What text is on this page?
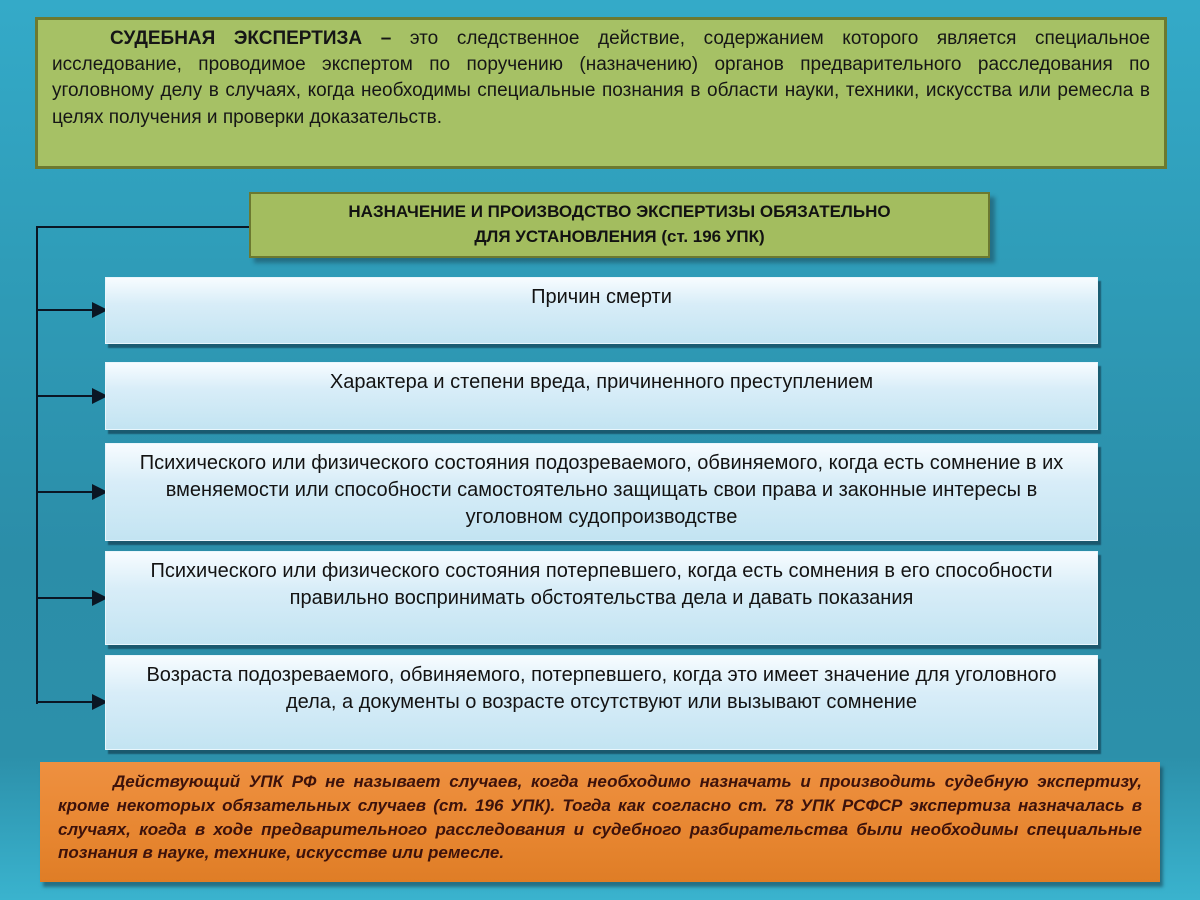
СУДЕБНАЯ ЭКСПЕРТИЗА – это следственное действие, содержанием которого является специальное исследование, проводимое экспертом по поручению (назначению) органов предварительного расследования по уголовному делу в случаях, когда необходимы специальные познания в области науки, техники, искусства или ремесла в целях получения и проверки доказательств.

НАЗНАЧЕНИЕ И ПРОИЗВОДСТВО ЭКСПЕРТИЗЫ ОБЯЗАТЕЛЬНО
ДЛЯ УСТАНОВЛЕНИЯ (ст. 196 УПК)
Причин смерти
Характера и степени вреда, причиненного преступлением
Психического или физического состояния подозреваемого, обвиняемого, когда есть сомнение в их вменяемости или способности самостоятельно защищать свои права и законные интересы в уголовном судопроизводстве
Психического или физического состояния потерпевшего, когда есть сомнения в его способности правильно воспринимать обстоятельства дела и давать показания
Возраста подозреваемого, обвиняемого, потерпевшего, когда это имеет значение для уголовного дела, а документы о возрасте отсутствуют или вызывают сомнение

Действующий УПК РФ не называет случаев, когда необходимо назначать и производить судебную экспертизу, кроме некоторых обязательных случаев (ст. 196 УПК). Тогда как согласно ст. 78 УПК РСФСР экспертиза назначалась в случаях, когда в ходе предварительного расследования и судебного разбирательства были необходимы специальные познания в науке, технике, искусстве или ремесле.
